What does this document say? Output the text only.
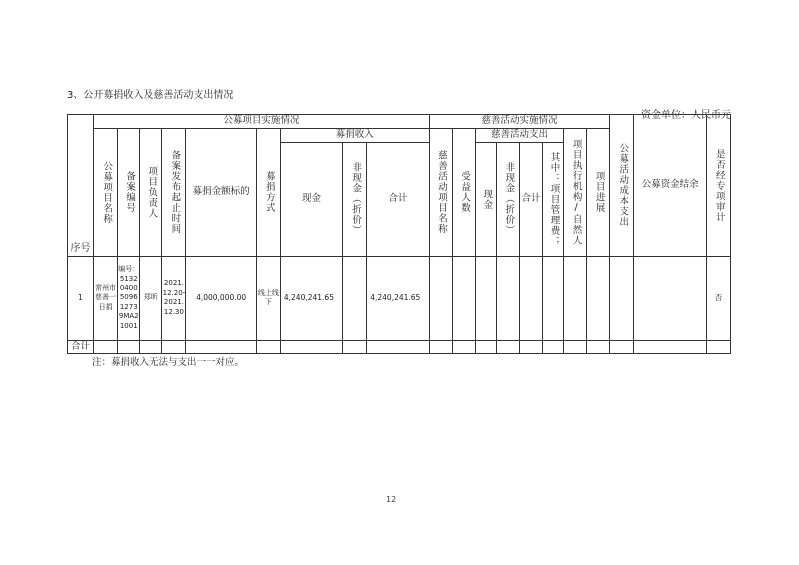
3、公开募捐收入及慈善活动支出情况
资金单位：人民币元
序号	公募项目实施情况									慈善活动实施情况								公募活动成本支出	公募资金结余	是否经专项审计

	公募项目名称	备案编号	项目负责人	备案发布起止时间	募捐金额标的	募捐方式	募捐收入			慈善活动项目名称	受益人数	慈善活动支出				项目执行机构/自然人	项目进展			

							现金	非现金（折价）	合计			现金	非现金（折价）	合计	其中：项目管理费；					

1	常州市慈善一日捐	编号：51320400509612739MA21001	郑昕	2021.12.20-2021.12.30	4,000,000.00	线上线下	4,240,241.65		4,240,241.65											否
合计																				
注：募捐收入无法与支出一一对应。
12
